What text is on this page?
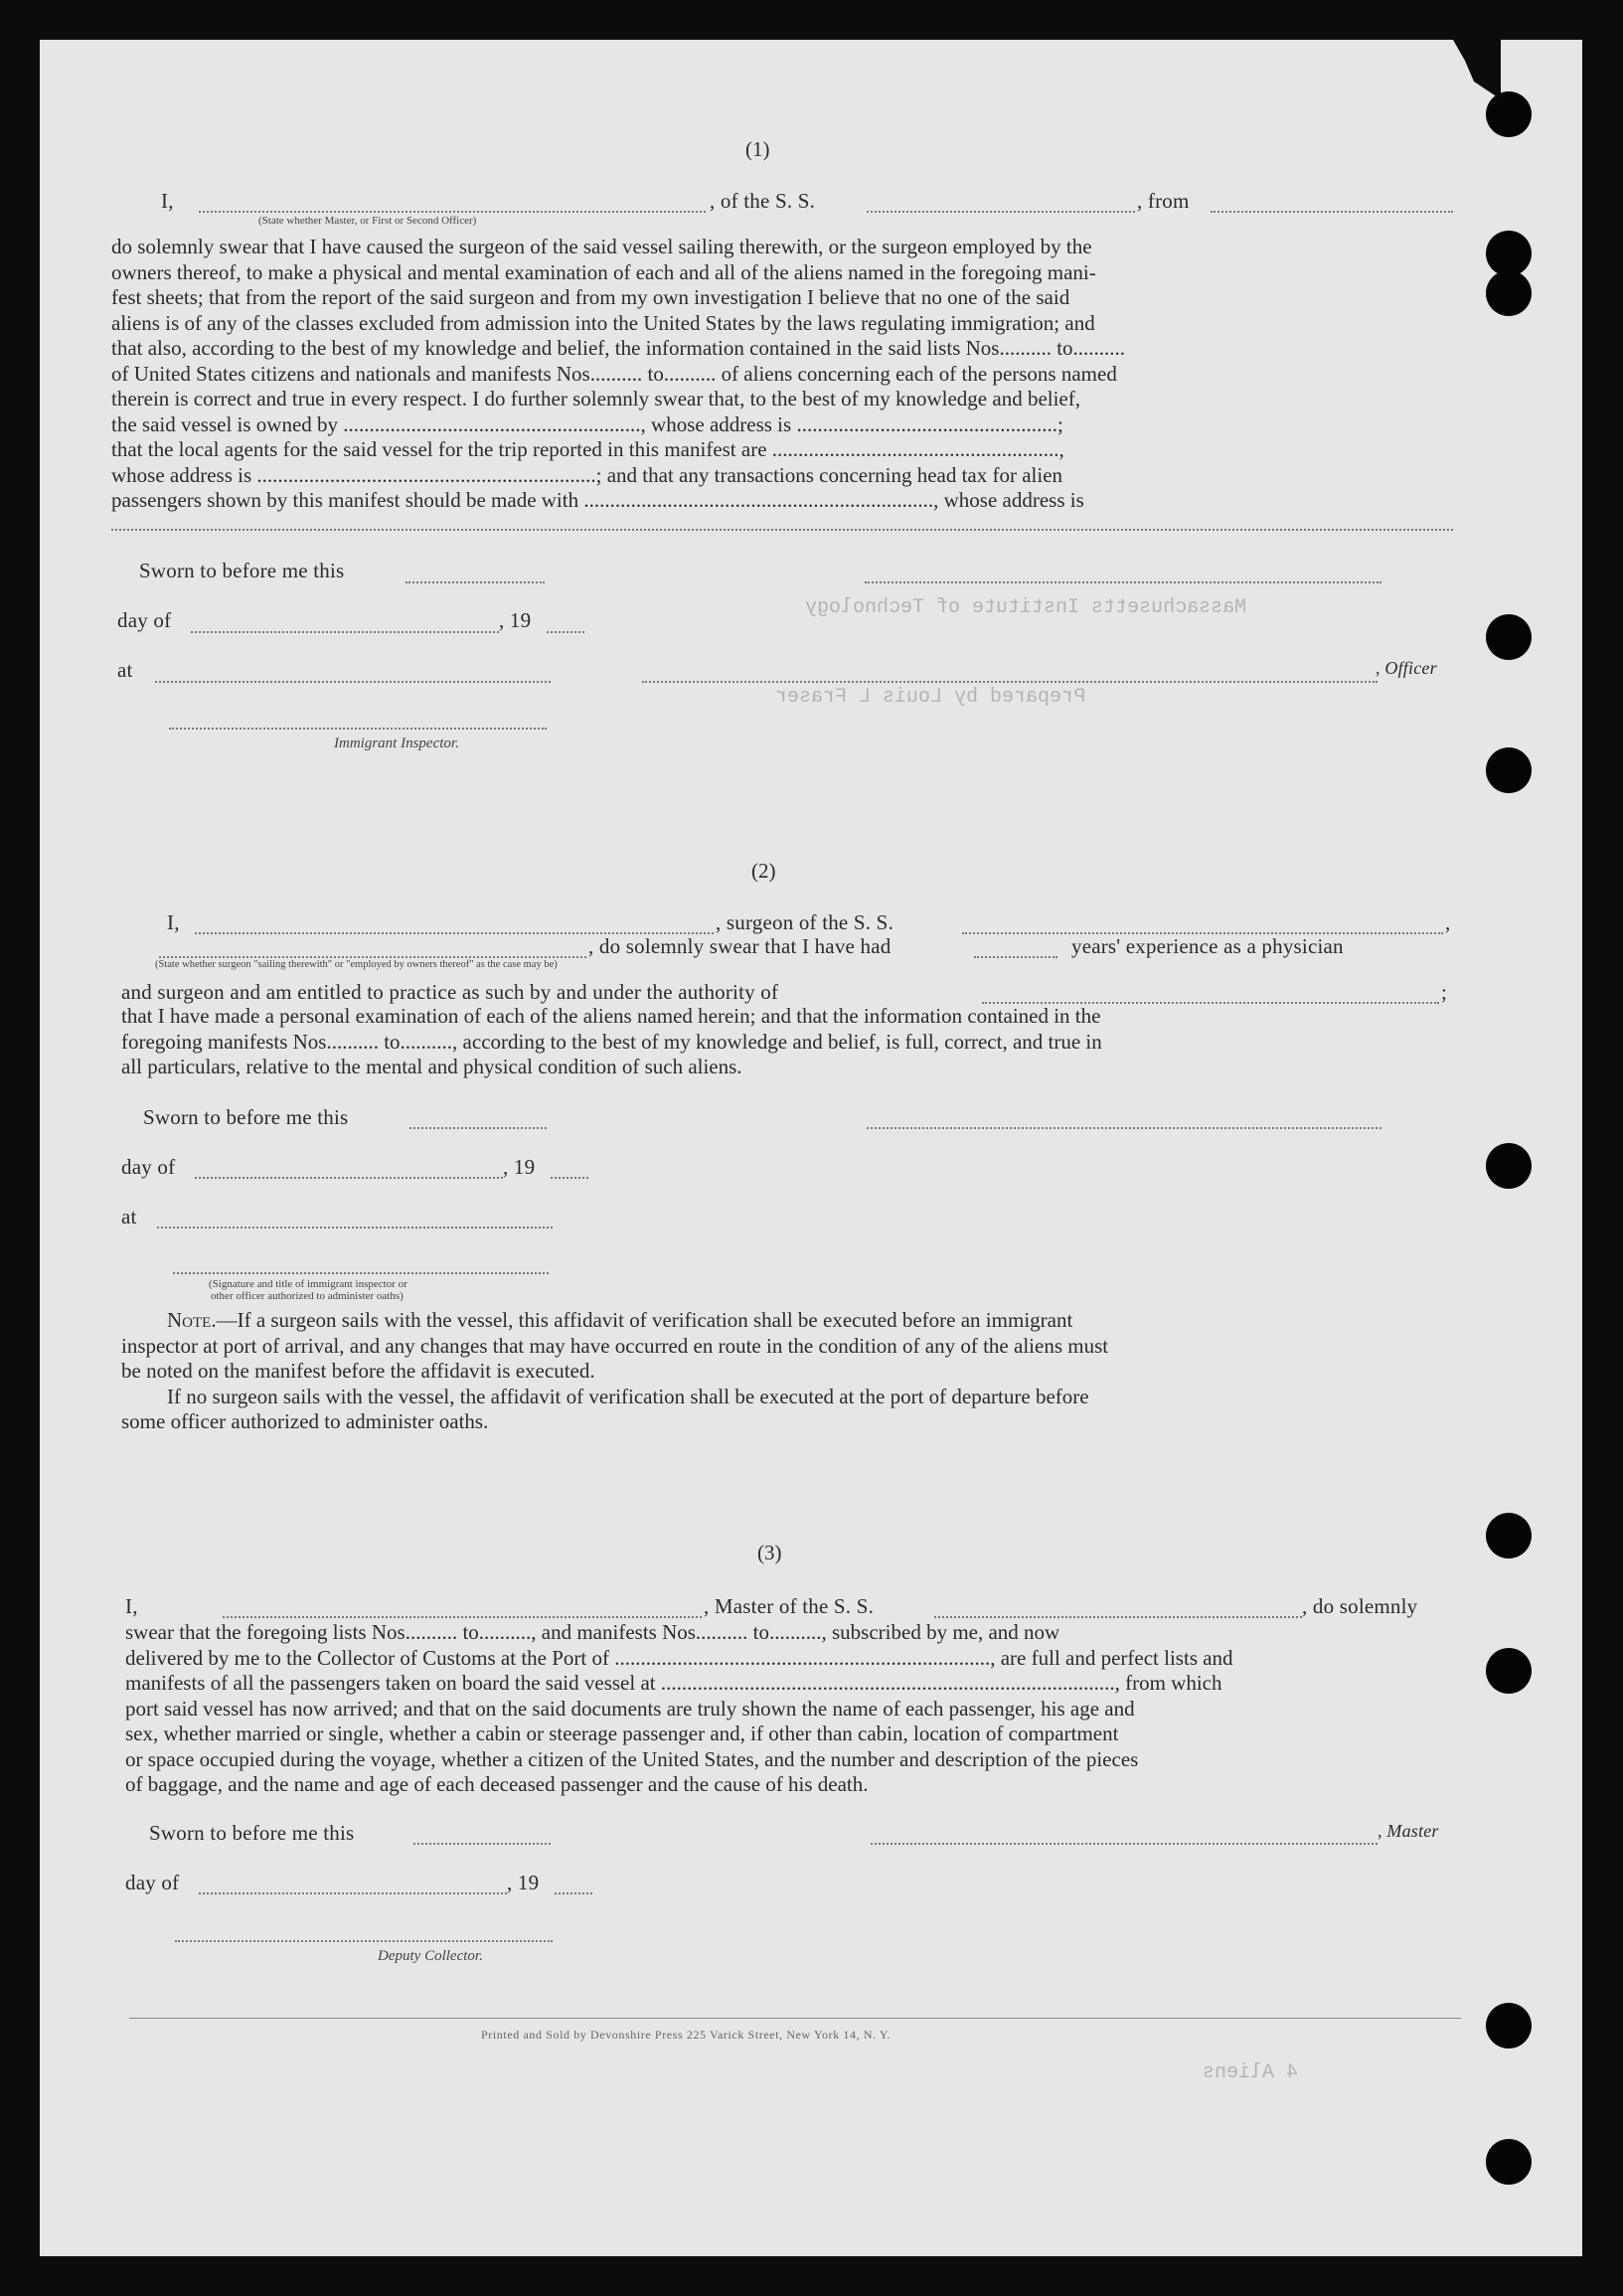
Massachusetts Institute of Technology
Prepared by Louis L Fraser
4 Aliens
(1)
I,	, of the S. S.	, from
(State whether Master, or First or Second Officer)
do solemnly swear that I have caused the surgeon of the said vessel sailing therewith, or the surgeon employed by the
owners thereof, to make a physical and mental examination of each and all of the aliens named in the foregoing mani-
fest sheets; that from the report of the said surgeon and from my own investigation I believe that no one of the said
aliens is of any of the classes excluded from admission into the United States by the laws regulating immigration; and
that also, according to the best of my knowledge and belief, the information contained in the said lists Nos.......... to..........
of United States citizens and nationals and manifests Nos.......... to.......... of aliens concerning each of the persons named
therein is correct and true in every respect. I do further solemnly swear that, to the best of my knowledge and belief,
the said vessel is owned by ........................................................., whose address is ..................................................;
that the local agents for the said vessel for the trip reported in this manifest are .......................................................,
whose address is .................................................................; and that any transactions concerning head tax for alien
passengers shown by this manifest should be made with ..................................................................., whose address is
Sworn to before me this
day of	, 19
at	, Officer
Immigrant Inspector.
(2)
I,	, surgeon of the S. S.	,
, do solemnly swear that I have had	years' experience as a physician
(State whether surgeon "sailing therewith" or "employed by owners thereof" as the case may be)
and surgeon and am entitled to practice as such by and under the authority of	;
that I have made a personal examination of each of the aliens named herein; and that the information contained in the
foregoing manifests Nos.......... to.........., according to the best of my knowledge and belief, is full, correct, and true in
all particulars, relative to the mental and physical condition of such aliens.
Sworn to before me this
day of	, 19
at
(Signature and title of immigrant inspector or
other officer authorized to administer oaths)
Note.—If a surgeon sails with the vessel, this affidavit of verification shall be executed before an immigrant
inspector at port of arrival, and any changes that may have occurred en route in the condition of any of the aliens must
be noted on the manifest before the affidavit is executed.
If no surgeon sails with the vessel, the affidavit of verification shall be executed at the port of departure before
some officer authorized to administer oaths.
(3)
I,	, Master of the S. S.	, do solemnly
swear that the foregoing lists Nos.......... to.........., and manifests Nos.......... to.........., subscribed by me, and now
delivered by me to the Collector of Customs at the Port of ........................................................................, are full and perfect lists and
manifests of all the passengers taken on board the said vessel at ......................................................................................., from which
port said vessel has now arrived; and that on the said documents are truly shown the name of each passenger, his age and
sex, whether married or single, whether a cabin or steerage passenger and, if other than cabin, location of compartment
or space occupied during the voyage, whether a citizen of the United States, and the number and description of the pieces
of baggage, and the name and age of each deceased passenger and the cause of his death.
Sworn to before me this	, Master
day of	, 19
Deputy Collector.
Printed and Sold by Devonshire Press 225 Varick Street, New York 14, N. Y.
